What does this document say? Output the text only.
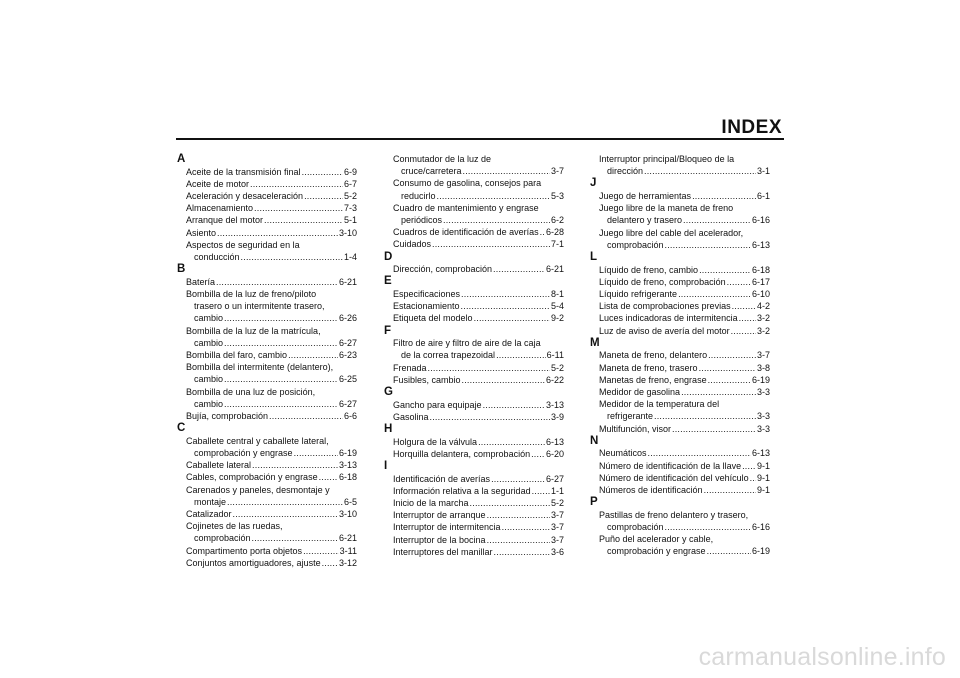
INDEX
A
Aceite de la transmisión final .....	6-9
Aceite de motor .....	6-7
Aceleración y desaceleración .....	5-2
Almacenamiento .....	7-3
Arranque del motor .....	5-1
Asiento .....	3-10
Aspectos de seguridad en la
conducción .....	1-4
B
Batería .....	6-21
Bombilla de la luz de freno/piloto
trasero o un intermitente trasero,
cambio .....	6-26
Bombilla de la luz de la matrícula,
cambio .....	6-27
Bombilla del faro, cambio .....	6-23
Bombilla del intermitente (delantero),
cambio .....	6-25
Bombilla de una luz de posición,
cambio .....	6-27
Bujía, comprobación .....	6-6
C
Caballete central y caballete lateral,
comprobación y engrase .....	6-19
Caballete lateral .....	3-13
Cables, comprobación y engrase ..... 6-18
Carenados y paneles, desmontaje y
montaje .....	6-5
Catalizador .....	3-10
Cojinetes de las ruedas,
comprobación .....	6-21
Compartimento porta objetos .....	3-11
Conjuntos amortiguadores, ajuste ..... 3-12
Conmutador de la luz de
cruce/carretera .....	3-7
Consumo de gasolina, consejos para
reducirlo .....	5-3
Cuadro de mantenimiento y engrase
periódicos .....	6-2
Cuadros de identificación de averías ..... 6-28
Cuidados .....	7-1
D
Dirección, comprobación .....	6-21
E
Especificaciones .....	8-1
Estacionamiento .....	5-4
Etiqueta del modelo .....	9-2
F
Filtro de aire y filtro de aire de la caja
de la correa trapezoidal .....	6-11
Frenada .....	5-2
Fusibles, cambio .....	6-22
G
Gancho para equipaje .....	3-13
Gasolina .....	3-9
H
Holgura de la válvula .....	6-13
Horquilla delantera, comprobación ..... 6-20
I
Identificación de averías .....	6-27
Información relativa a la seguridad ..... 1-1
Inicio de la marcha .....	5-2
Interruptor de arranque .....	3-7
Interruptor de intermitencia .....	3-7
Interruptor de la bocina .....	3-7
Interruptores del manillar .....	3-6
Interruptor principal/Bloqueo de la
dirección .....	3-1
J
Juego de herramientas .....	6-1
Juego libre de la maneta de freno
delantero y trasero .....	6-16
Juego libre del cable del acelerador,
comprobación .....	6-13
L
Líquido de freno, cambio .....	6-18
Líquido de freno, comprobación .....	6-17
Líquido refrigerante .....	6-10
Lista de comprobaciones previas .....	4-2
Luces indicadoras de intermitencia ..... 3-2
Luz de aviso de avería del motor .....	3-2
M
Maneta de freno, delantero .....	3-7
Maneta de freno, trasero .....	3-8
Manetas de freno, engrase .....	6-19
Medidor de gasolina .....	3-3
Medidor de la temperatura del
refrigerante .....	3-3
Multifunción, visor .....	3-3
N
Neumáticos .....	6-13
Número de identificación de la llave ..... 9-1
Número de identificación del vehículo ..... 9-1
Números de identificación .....	9-1
P
Pastillas de freno delantero y trasero,
comprobación .....	6-16
Puño del acelerador y cable,
comprobación y engrase .....	6-19
carmanualsonline.info
